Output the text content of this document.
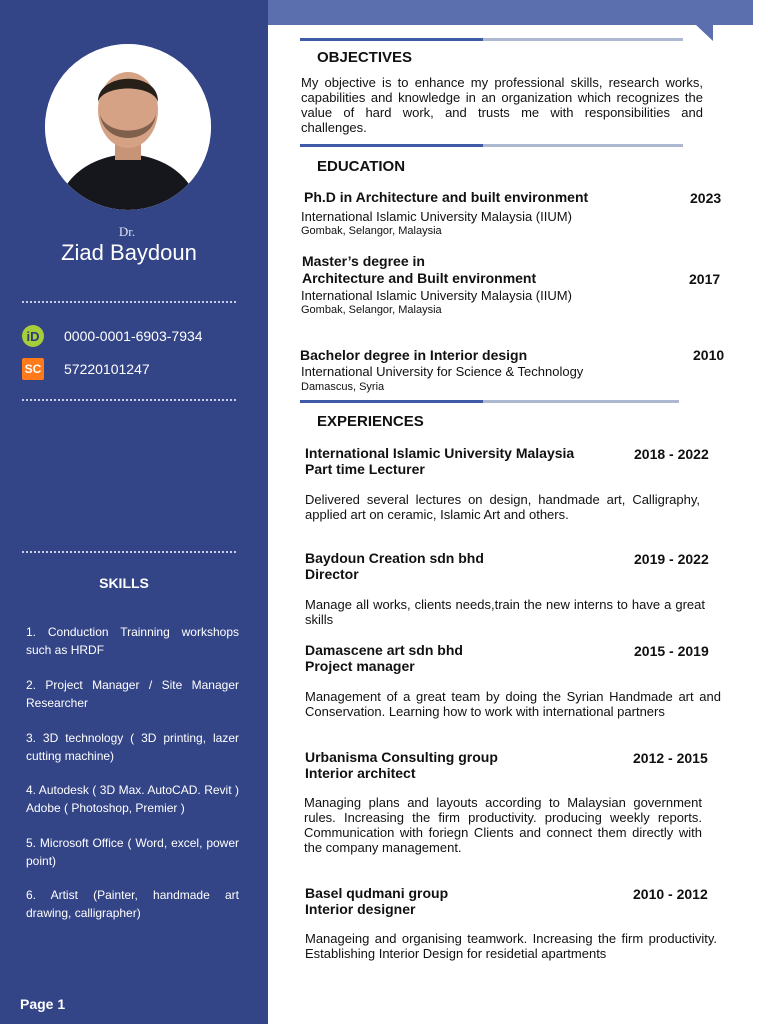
Dr.
Ziad Baydoun
iD	0000-0001-6903-7934
SC 57220101247
SKILLS
1. Conduction Trainning workshops such as HRDF
2. Project Manager / Site Manager Researcher
3. 3D technology ( 3D printing, lazer cutting machine)
4. Autodesk ( 3D Max. AutoCAD. Revit ) Adobe ( Photoshop, Premier )
5. Microsoft Office ( Word, excel, power point)
6. Artist (Painter, handmade art drawing, calligrapher)
Page 1
OBJECTIVES
My objective is to enhance my professional skills, research works, capabilities and knowledge in an organization which recognizes the value of hard work, and trusts me with responsibilities and challenges.
EDUCATION
Ph.D in Architecture and built environment	2023
International Islamic University Malaysia (IIUM)
Gombak, Selangor, Malaysia
Master’s degree in
Architecture and Built environment	2017
International Islamic University Malaysia (IIUM)
Gombak, Selangor, Malaysia
Bachelor degree in Interior design	2010
International University for Science & Technology
Damascus, Syria
EXPERIENCES
International Islamic University Malaysia	2018 - 2022
Part time Lecturer
Delivered several lectures on design, handmade art, Calligraphy, applied art on ceramic, Islamic Art and others.
Baydoun Creation sdn bhd	2019 - 2022
Director
Manage all works, clients needs,train the new interns to have a great skills
Damascene art sdn bhd	2015 - 2019
Project manager
Management of a great team by doing the Syrian Handmade art and Conservation. Learning how to work with international partners
Urbanisma Consulting group	2012 - 2015
Interior architect
Managing plans and layouts according to Malaysian government rules. Increasing the firm productivity. producing weekly reports. Communication with foriegn Clients and connect them directly with the company management.
Basel qudmani group	2010 - 2012
Interior designer
Manageing and organising teamwork. Increasing the firm productivity. Establishing Interior Design for residetial apartments
